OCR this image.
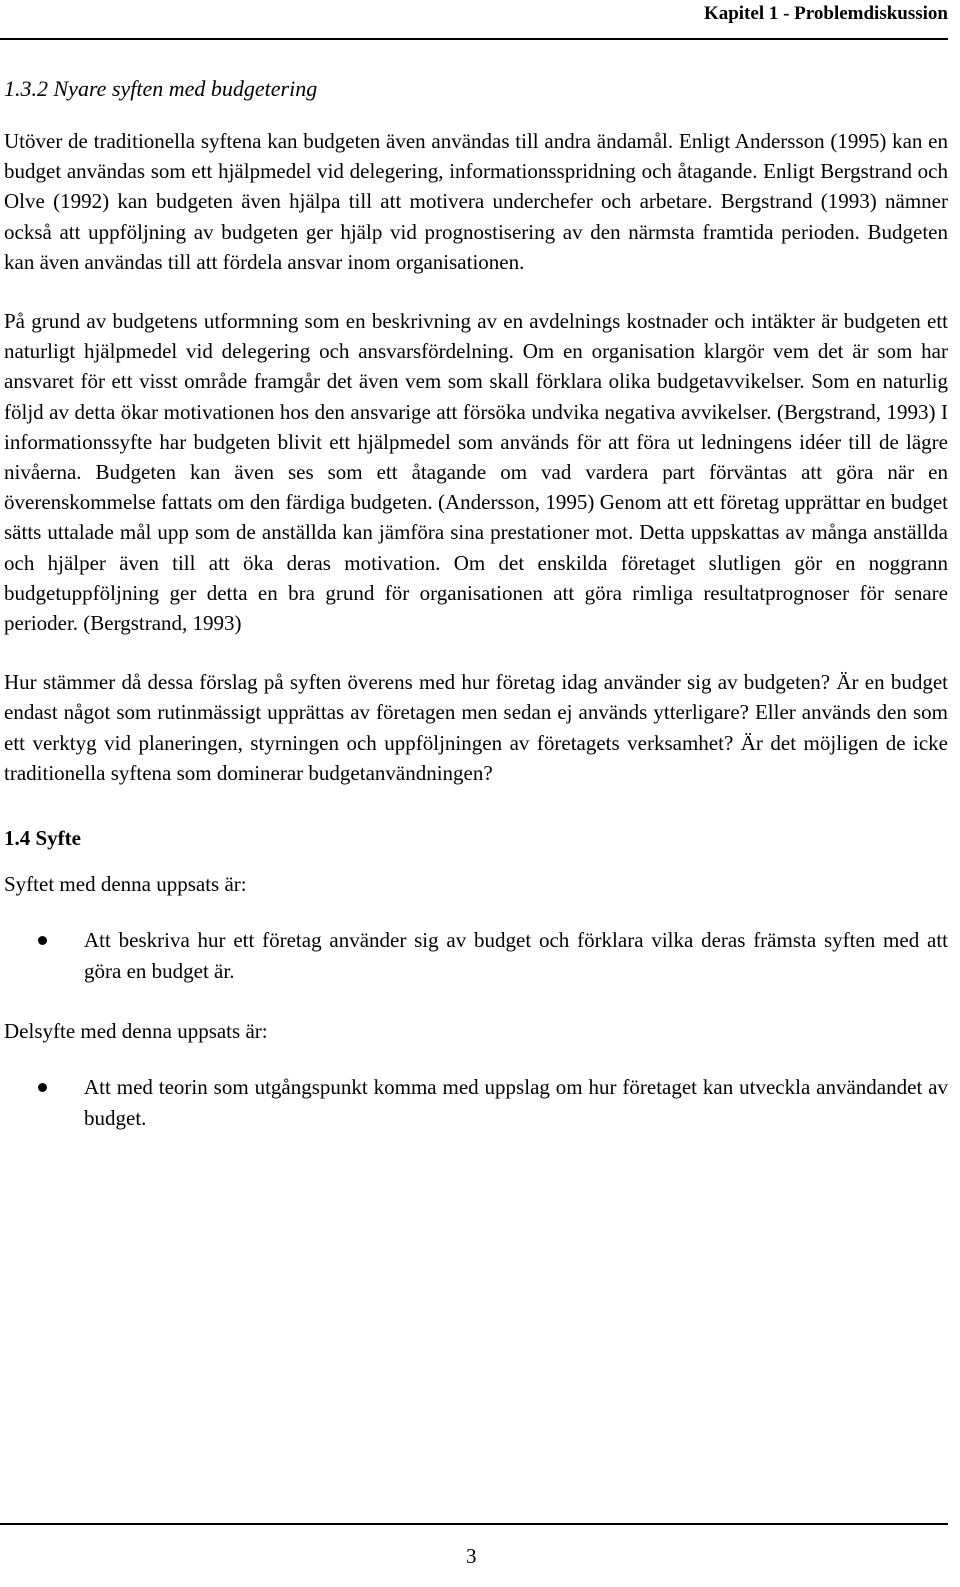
Kapitel 1 - Problemdiskussion
1.3.2 Nyare syften med budgetering

Utöver de traditionella syftena kan budgeten även användas till andra ändamål. Enligt Andersson (1995) kan en budget användas som ett hjälpmedel vid delegering, informationsspridning och åtagande. Enligt Bergstrand och Olve (1992) kan budgeten även hjälpa till att motivera underchefer och arbetare. Bergstrand (1993) nämner också att uppföljning av budgeten ger hjälp vid prognostisering av den närmsta framtida perioden. Budgeten kan även användas till att fördela ansvar inom organisationen.

På grund av budgetens utformning som en beskrivning av en avdelnings kostnader och intäkter är budgeten ett naturligt hjälpmedel vid delegering och ansvarsfördelning. Om en organisation klargör vem det är som har ansvaret för ett visst område framgår det även vem som skall förklara olika budgetavvikelser. Som en naturlig följd av detta ökar motivationen hos den ansvarige att försöka undvika negativa avvikelser. (Bergstrand, 1993) I informationssyfte har budgeten blivit ett hjälpmedel som används för att föra ut ledningens idéer till de lägre nivåerna. Budgeten kan även ses som ett åtagande om vad vardera part förväntas att göra när en överenskommelse fattats om den färdiga budgeten. (Andersson, 1995) Genom att ett företag upprättar en budget sätts uttalade mål upp som de anställda kan jämföra sina prestationer mot. Detta uppskattas av många anställda och hjälper även till att öka deras motivation. Om det enskilda företaget slutligen gör en noggrann budgetuppföljning ger detta en bra grund för organisationen att göra rimliga resultatprognoser för senare perioder. (Bergstrand, 1993)

Hur stämmer då dessa förslag på syften överens med hur företag idag använder sig av budgeten? Är en budget endast något som rutinmässigt upprättas av företagen men sedan ej används ytterligare? Eller används den som ett verktyg vid planeringen, styrningen och uppföljningen av företagets verksamhet? Är det möjligen de icke traditionella syftena som dominerar budgetanvändningen?

1.4 Syfte
Syftet med denna uppsats är:
Att beskriva hur ett företag använder sig av budget och förklara vilka deras främsta syften med att göra en budget är.
Delsyfte med denna uppsats är:
Att med teorin som utgångspunkt komma med uppslag om hur företaget kan utveckla användandet av budget.
3
